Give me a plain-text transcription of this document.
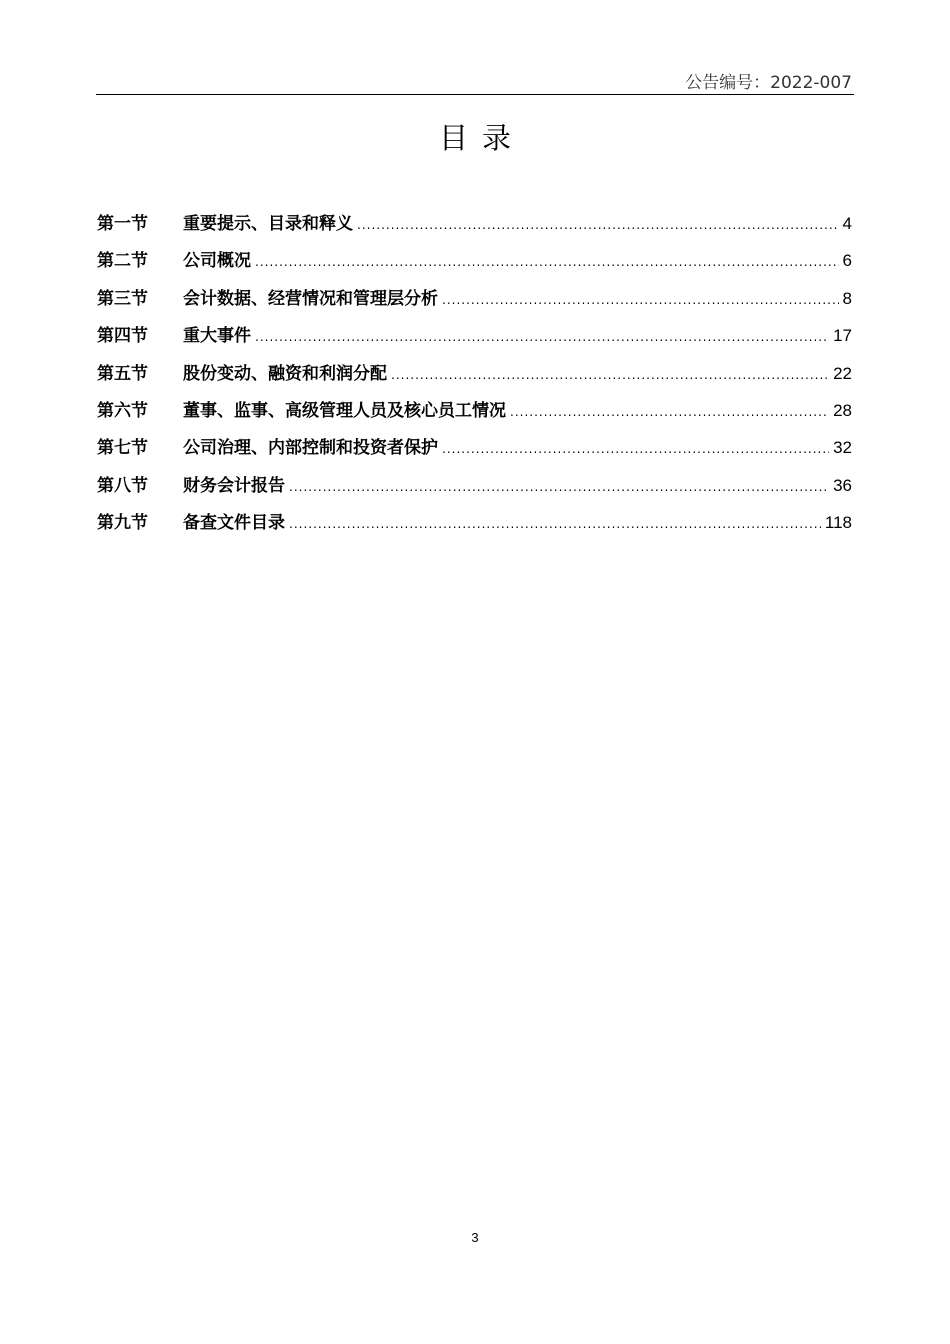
公告编号：2022-007
目录
第一节	重要提示、目录和释义 .....	4
第二节	公司概况 .....	6
第三节	会计数据、经营情况和管理层分析 .....	8
第四节	重大事件 .....	17
第五节	股份变动、融资和利润分配 .....	22
第六节	董事、监事、高级管理人员及核心员工情况 .....	28
第七节	公司治理、内部控制和投资者保护 .....	32
第八节	财务会计报告 .....	36
第九节	备查文件目录 .....	118
3
